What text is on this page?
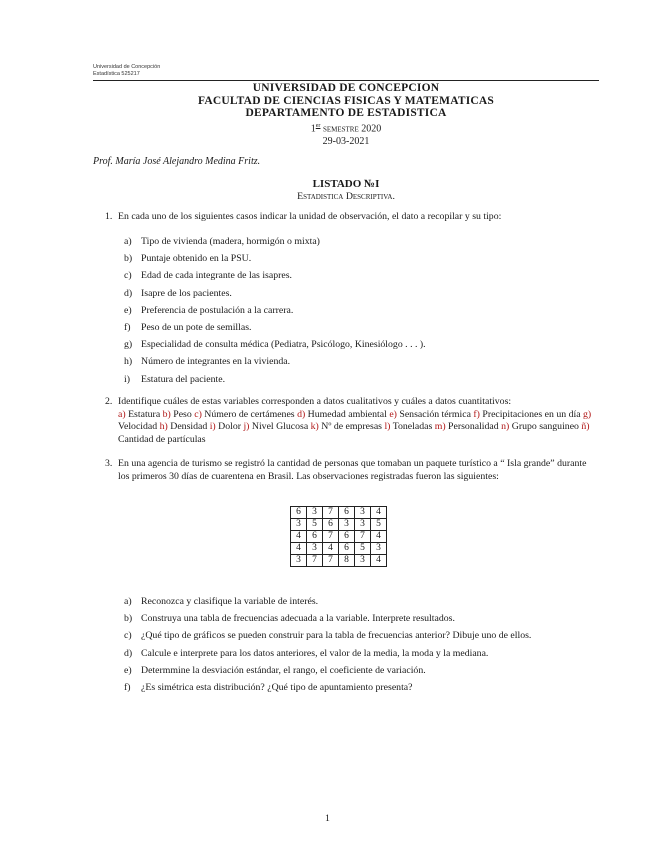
Universidad de Concepción
Estadística 525217
UNIVERSIDAD DE CONCEPCION
FACULTAD DE CIENCIAS FISICAS Y MATEMATICAS
DEPARTAMENTO DE ESTADISTICA
1er semestre 2020
29-03-2021
Prof. María José Alejandro Medina Fritz.
LISTADO №I
Estadistica Descriptiva.
1. En cada uno de los siguientes casos indicar la unidad de observación, el dato a recopilar y su tipo:

a) Tipo de vivienda (madera, hormigón o mixta)

b) Puntaje obtenido en la PSU.

c) Edad de cada integrante de las isapres.

d) Isapre de los pacientes.

e) Preferencia de postulación a la carrera.

f) Peso de un pote de semillas.

g) Especialidad de consulta médica (Pediatra, Psicólogo, Kinesiólogo . . . ).

h) Número de integrantes en la vivienda.

i) Estatura del paciente.

2. Identifique cuáles de estas variables corresponden a datos cualitativos y cuáles a datos cuantitativos:
a) Estatura b) Peso c) Número de certámenes d) Humedad ambiental e) Sensación térmica f) Precipitaciones en un día g) Velocidad h) Densidad i) Dolor j) Nivel Glucosa k) Nº de empresas l) Toneladas m) Personalidad n) Grupo sanguineo ñ) Cantidad de partículas
3. En una agencia de turismo se registró la cantidad de personas que tomaban un paquete turístico a “ Isla grande” durante los primeros 30 días de cuarentena en Brasil. Las observaciones registradas fueron las siguientes:
6	3	7	6	3	4
3	5	6	3	3	5
4	6	7	6	7	4
4	3	4	6	5	3
3	7	7	8	3	4

a) Reconozca y clasifique la variable de interés.

b) Construya una tabla de frecuencias adecuada a la variable. Interprete resultados.

c) ¿Qué tipo de gráficos se pueden construir para la tabla de frecuencias anterior? Dibuje uno de ellos.

d) Calcule e interprete para los datos anteriores, el valor de la media, la moda y la mediana.

e) Determmine la desviación estándar, el rango, el coeficiente de variación.

f) ¿Es simétrica esta distribución? ¿Qué tipo de apuntamiento presenta?

1
